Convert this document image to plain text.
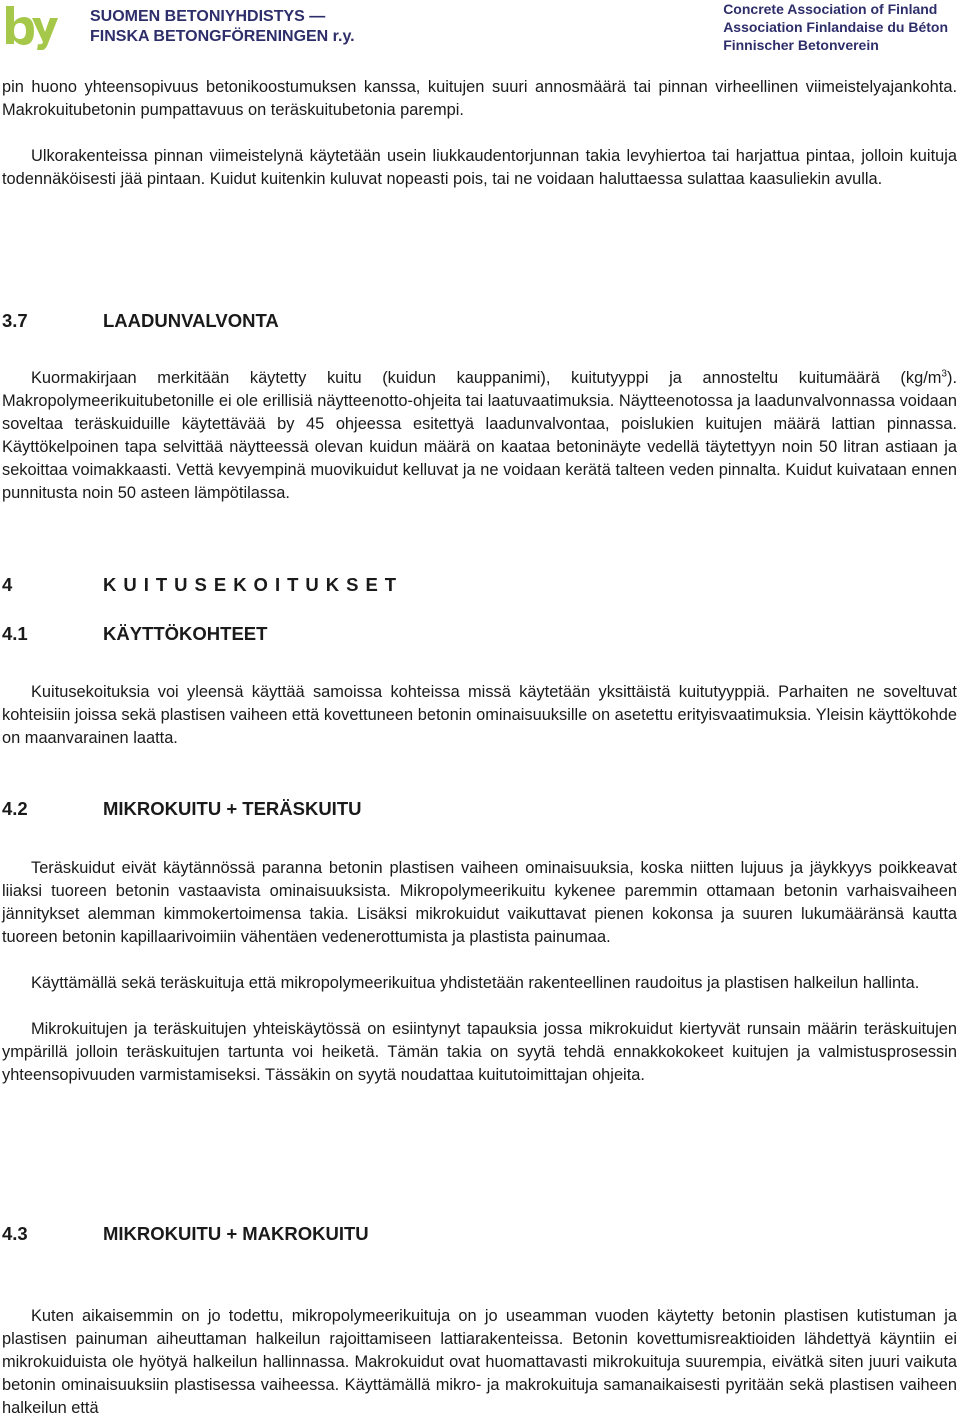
SUOMEN BETONIYHDISTYS —
FINSKA BETONGFÖRENINGEN r.y.
Concrete Association of Finland
Association Finlandaise du Béton
Finnischer Betonverein

pin huono yhteensopivuus betonikoostumuksen kanssa, kuitujen suuri annosmäärä tai pinnan virheellinen viimeistelyajankohta. Makrokuitubetonin pumpattavuus on teräskuitubetonia parempi.

Ulkorakenteissa pinnan viimeistelynä käytetään usein liukkaudentorjunnan takia levyhiertoa tai harjattua pintaa, jolloin kuituja todennäköisesti jää pintaan. Kuidut kuitenkin kuluvat nopeasti pois, tai ne voidaan haluttaessa sulattaa kaasuliekin avulla.

3.7	LAADUNVALVONTA

Kuormakirjaan merkitään käytetty kuitu (kuidun kauppanimi), kuitutyyppi ja annosteltu kuitumäärä $(kg/m^3)$. Makropolymeerikuitubetonille ei ole erillisiä näytteenotto-ohjeita tai laatuvaatimuksia. Näytteenotossa ja laadunvalvonnassa voidaan soveltaa teräskuiduille käytettävää by 45 ohjeessa esitettyä laadunvalvontaa, poislukien kuitujen määrä lattian pinnassa. Käyttökelpoinen tapa selvittää näytteessä olevan kuidun määrä on kaataa betoninäyte vedellä täytettyyn noin 50 litran astiaan ja sekoittaa voimakkaasti. Vettä kevyempinä muovikuidut kelluvat ja ne voidaan kerätä talteen veden pinnalta. Kuidut kuivataan ennen punnitusta noin 50 asteen lämpötilassa.

4	KUITUSEKOITUKSET
4.1	KÄYTTÖKOHTEET

Kuitusekoituksia voi yleensä käyttää samoissa kohteissa missä käytetään yksittäistä kuitutyyppiä. Parhaiten ne soveltuvat kohteisiin joissa sekä plastisen vaiheen että kovettuneen betonin ominaisuuksille on asetettu erityisvaatimuksia. Yleisin käyttökohde on maanvarainen laatta.

4.2	MIKROKUITU + TERÄSKUITU

Teräskuidut eivät käytännössä paranna betonin plastisen vaiheen ominaisuuksia, koska niitten lujuus ja jäykkyys poikkeavat liiaksi tuoreen betonin vastaavista ominaisuuksista. Mikropolymeerikuitu kykenee paremmin ottamaan betonin varhaisvaiheen jännitykset alemman kimmokertoimensa takia. Lisäksi mikrokuidut vaikuttavat pienen kokonsa ja suuren lukumääränsä kautta tuoreen betonin kapillaarivoimiin vähentäen vedenerottumista ja plastista painumaa.

Käyttämällä sekä teräskuituja että mikropolymeerikuitua yhdistetään rakenteellinen raudoitus ja plastisen halkeilun hallinta.

Mikrokuitujen ja teräskuitujen yhteiskäytössä on esiintynyt tapauksia jossa mikrokuidut kiertyvät runsain määrin teräskuitujen ympärillä jolloin teräskuitujen tartunta voi heiketä. Tämän takia on syytä tehdä ennakkokokeet kuitujen ja valmistusprosessin yhteensopivuuden varmistamiseksi. Tässäkin on syytä noudattaa kuitutoimittajan ohjeita.

4.3	MIKROKUITU + MAKROKUITU

Kuten aikaisemmin on jo todettu, mikropolymeerikuituja on jo useamman vuoden käytetty betonin plastisen kutistuman ja plastisen painuman aiheuttaman halkeilun rajoittamiseen lattiarakenteissa. Betonin kovettumisreaktioiden lähdettyä käyntiin ei mikrokuiduista ole hyötyä halkeilun hallinnassa. Makrokuidut ovat huomattavasti mikrokuituja suurempia, eivätkä siten juuri vaikuta betonin ominaisuuksiin plastisessa vaiheessa. Käyttämällä mikro- ja makrokuituja samanaikaisesti pyritään sekä plastisen vaiheen halkeilun että
